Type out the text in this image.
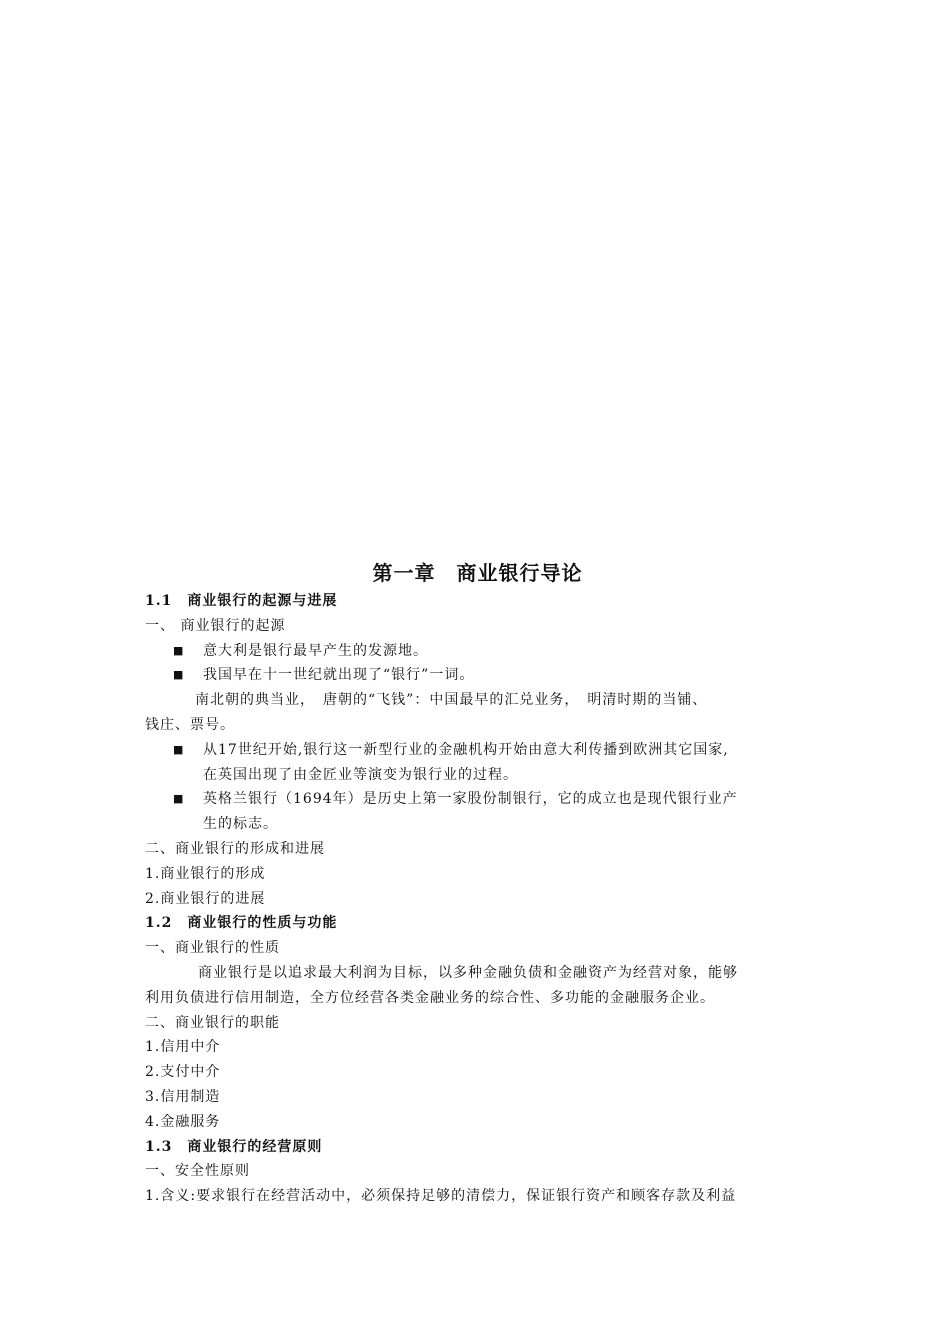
第一章　商业银行导论
1.1　商业银行的起源与进展
一、 商业银行的起源
■ 意大利是银行最早产生的发源地。
■ 我国早在十一世纪就出现了“银行”一词。
南北朝的典当业，　唐朝的“飞钱”：中国最早的汇兑业务，　明清时期的当铺、
钱庄、票号。
■ 从17世纪开始,银行这一新型行业的金融机构开始由意大利传播到欧洲其它国家,
在英国出现了由金匠业等演变为银行业的过程。
■ 英格兰银行（1694年）是历史上第一家股份制银行，它的成立也是现代银行业产
生的标志。
二、商业银行的形成和进展
1.商业银行的形成
2.商业银行的进展
1.2　商业银行的性质与功能
一、商业银行的性质
商业银行是以追求最大利润为目标，以多种金融负债和金融资产为经营对象，能够
利用负债进行信用制造，全方位经营各类金融业务的综合性、多功能的金融服务企业。
二、商业银行的职能
1.信用中介
2.支付中介
3.信用制造
4.金融服务
1.3　商业银行的经营原则
一、安全性原则
1.含义:要求银行在经营活动中，必须保持足够的清偿力，保证银行资产和顾客存款及利益
